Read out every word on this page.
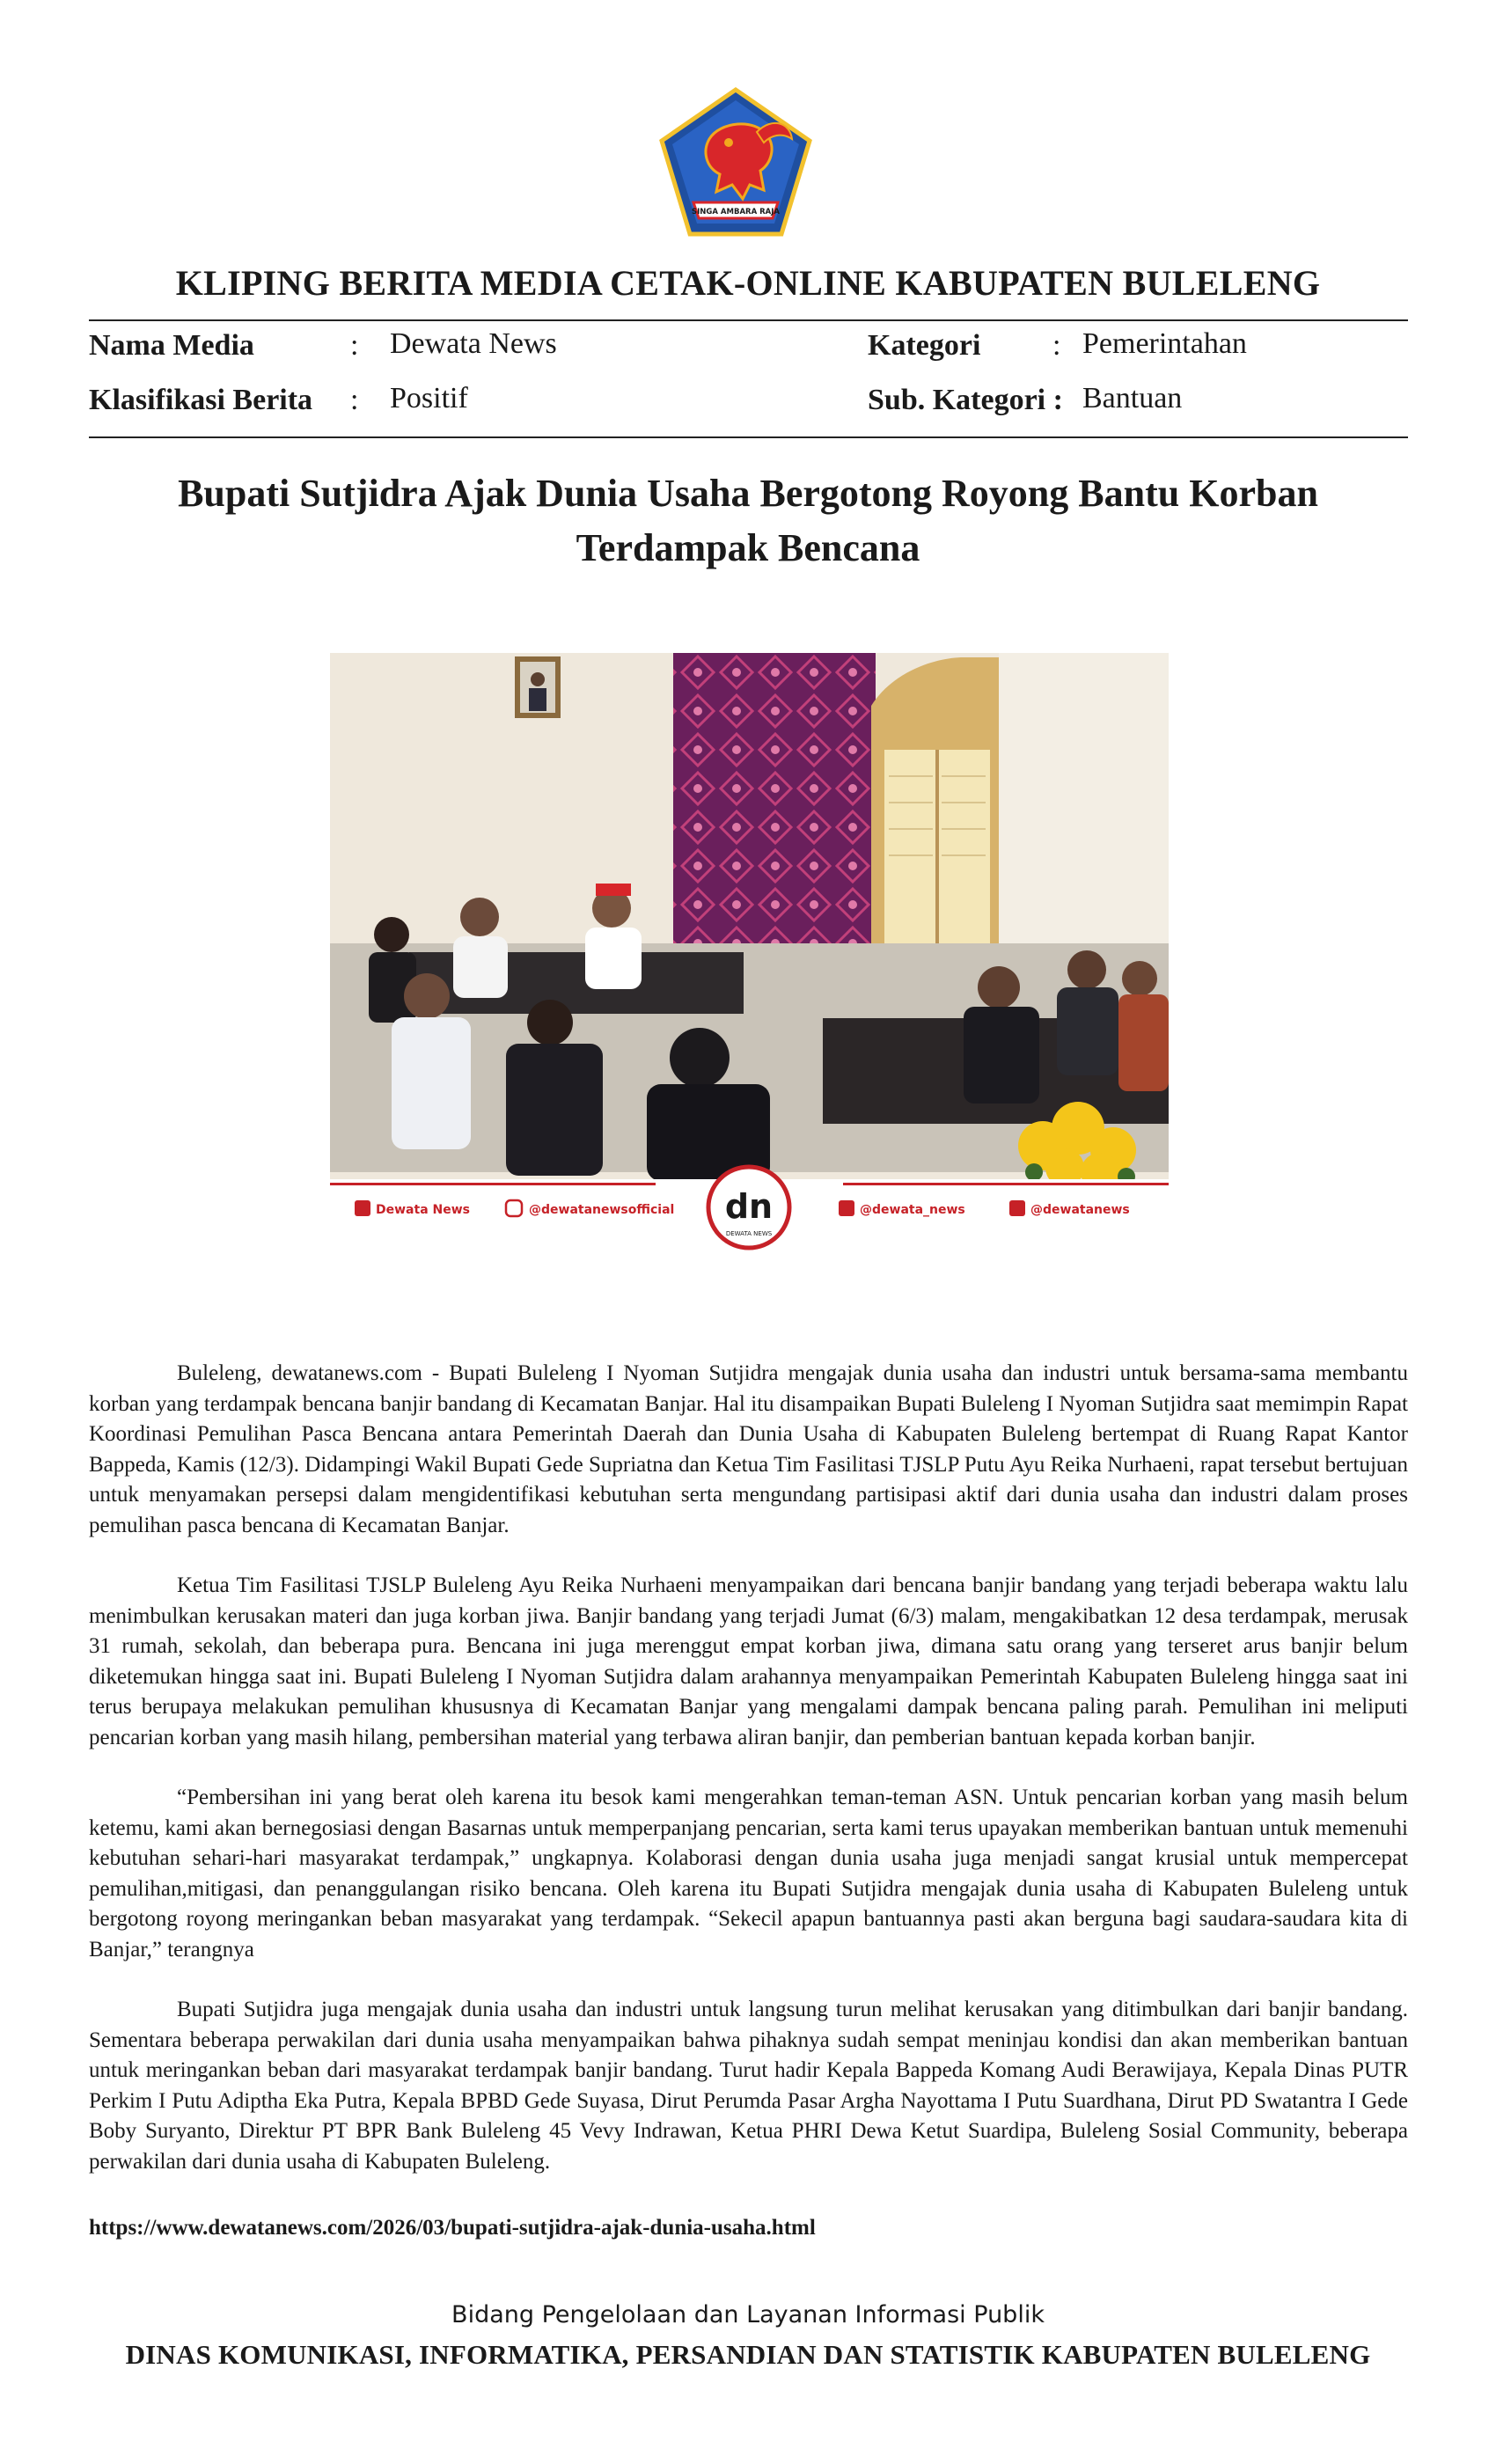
SINGA AMBARA RAJA
KLIPING BERITA MEDIA CETAK-ONLINE KABUPATEN BULELENG
Nama Media	: Dewata News	Kategori : Pemerintahan
Klasifikasi Berita : Positif	Sub. Kategori : Bantuan
Bupati Sutjidra Ajak Dunia Usaha Bergotong Royong Bantu Korban Terdampak Bencana
dn
DEWATA NEWS
Dewata News	@dewatanewsofficial	@dewata_news	@dewatanews

Buleleng, dewatanews.com - Bupati Buleleng I Nyoman Sutjidra mengajak dunia usaha dan industri untuk bersama-sama membantu korban yang terdampak bencana banjir bandang di Kecamatan Banjar. Hal itu disampaikan Bupati Buleleng I Nyoman Sutjidra saat memimpin Rapat Koordinasi Pemulihan Pasca Bencana antara Pemerintah Daerah dan Dunia Usaha di Kabupaten Buleleng bertempat di Ruang Rapat Kantor Bappeda, Kamis (12/3). Didampingi Wakil Bupati Gede Supriatna dan Ketua Tim Fasilitasi TJSLP Putu Ayu Reika Nurhaeni, rapat tersebut bertujuan untuk menyamakan persepsi dalam mengidentifikasi kebutuhan serta mengundang partisipasi aktif dari dunia usaha dan industri dalam proses pemulihan pasca bencana di Kecamatan Banjar.

Ketua Tim Fasilitasi TJSLP Buleleng Ayu Reika Nurhaeni menyampaikan dari bencana banjir bandang yang terjadi beberapa waktu lalu menimbulkan kerusakan materi dan juga korban jiwa. Banjir bandang yang terjadi Jumat (6/3) malam, mengakibatkan 12 desa terdampak, merusak 31 rumah, sekolah, dan beberapa pura. Bencana ini juga merenggut empat korban jiwa, dimana satu orang yang terseret arus banjir belum diketemukan hingga saat ini. Bupati Buleleng I Nyoman Sutjidra dalam arahannya menyampaikan Pemerintah Kabupaten Buleleng hingga saat ini terus berupaya melakukan pemulihan khususnya di Kecamatan Banjar yang mengalami dampak bencana paling parah. Pemulihan ini meliputi pencarian korban yang masih hilang, pembersihan material yang terbawa aliran banjir, dan pemberian bantuan kepada korban banjir.

“Pembersihan ini yang berat oleh karena itu besok kami mengerahkan teman-teman ASN. Untuk pencarian korban yang masih belum ketemu, kami akan bernegosiasi dengan Basarnas untuk memperpanjang pencarian, serta kami terus upayakan memberikan bantuan untuk memenuhi kebutuhan sehari-hari masyarakat terdampak,” ungkapnya. Kolaborasi dengan dunia usaha juga menjadi sangat krusial untuk mempercepat pemulihan,mitigasi, dan penanggulangan risiko bencana. Oleh karena itu Bupati Sutjidra mengajak dunia usaha di Kabupaten Buleleng untuk bergotong royong meringankan beban masyarakat yang terdampak. “Sekecil apapun bantuannya pasti akan berguna bagi saudara-saudara kita di Banjar,” terangnya

Bupati Sutjidra juga mengajak dunia usaha dan industri untuk langsung turun melihat kerusakan yang ditimbulkan dari banjir bandang. Sementara beberapa perwakilan dari dunia usaha menyampaikan bahwa pihaknya sudah sempat meninjau kondisi dan akan memberikan bantuan untuk meringankan beban dari masyarakat terdampak banjir bandang. Turut hadir Kepala Bappeda Komang Audi Berawijaya, Kepala Dinas PUTR Perkim I Putu Adiptha Eka Putra, Kepala BPBD Gede Suyasa, Dirut Perumda Pasar Argha Nayottama I Putu Suardhana, Dirut PD Swatantra I Gede Boby Suryanto, Direktur PT BPR Bank Buleleng 45 Vevy Indrawan, Ketua PHRI Dewa Ketut Suardipa, Buleleng Sosial Community, beberapa perwakilan dari dunia usaha di Kabupaten Buleleng.

https://www.dewatanews.com/2026/03/bupati-sutjidra-ajak-dunia-usaha.html
Bidang Pengelolaan dan Layanan Informasi Publik
DINAS KOMUNIKASI, INFORMATIKA, PERSANDIAN DAN STATISTIK KABUPATEN BULELENG
